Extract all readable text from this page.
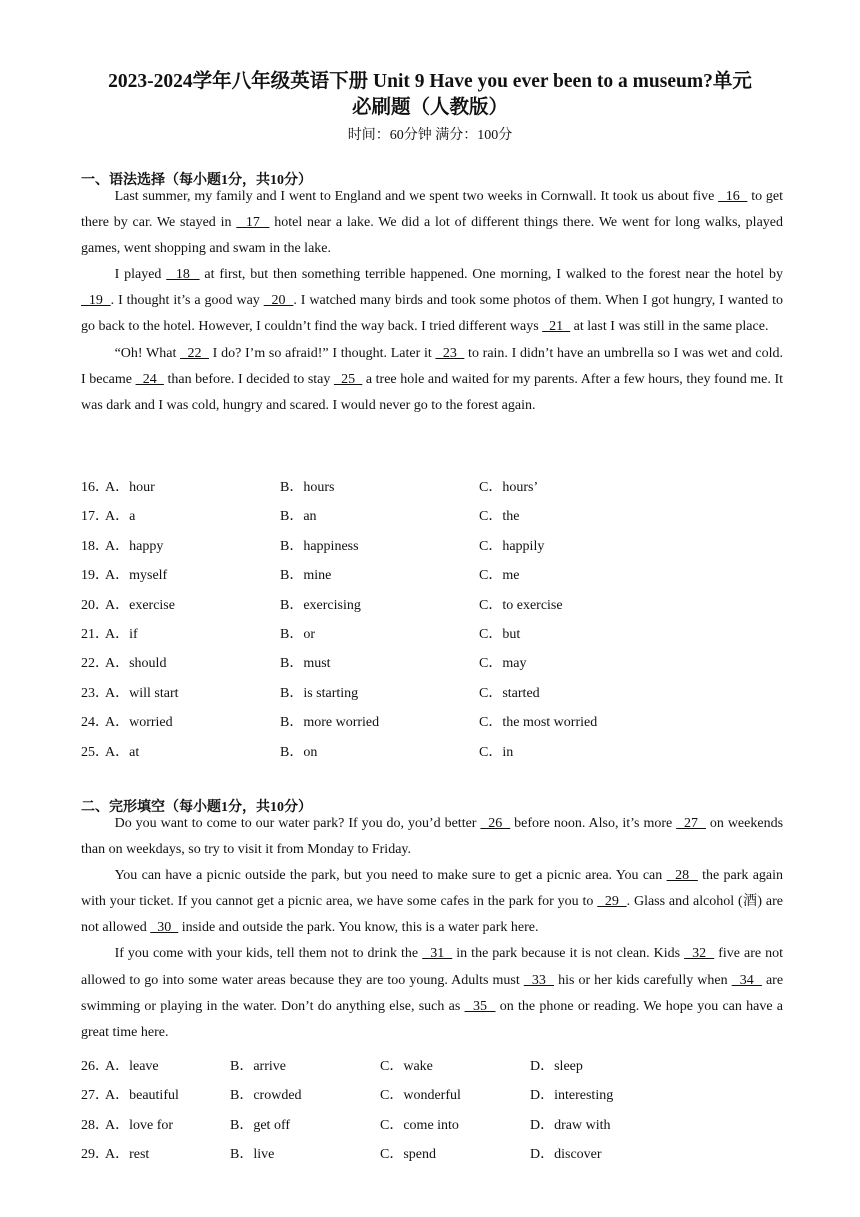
2023-2024学年八年级英语下册 Unit 9 Have you ever been to a museum?单元
必刷题（人教版）
时间：60分钟 满分：100分
一、语法选择（每小题1分，共10分）

Last summer, my family and I went to England and we spent two weeks in Cornwall. It took us about five   16   to get there by car. We stayed in   17   hotel near a lake. We did a lot of different things there. We went for long walks, played games, went shopping and swam in the lake.

I played   18   at first, but then something terrible happened. One morning, I walked to the forest near the hotel by   19  . I thought it’s a good way   20  . I watched many birds and took some photos of them. When I got hungry, I wanted to go back to the hotel. However, I couldn’t find the way back. I tried different ways   21   at last I was still in the same place.

“Oh! What   22   I do? I’m so afraid!” I thought. Later it   23   to rain. I didn’t have an umbrella so I was wet and cold. I became   24   than before. I decided to stay   25   a tree hole and waited for my parents. After a few hours, they found me. It was dark and I was cold, hungry and scared. I would never go to the forest again.

16．
A．hour	B．hours	C．hours’
17．
A．a	B．an	C．the
18．
A．happy	B．happiness	C．happily
19．
A．myself	B．mine	C．me
20．
A．exercise	B．exercising	C．to exercise
21．
A．if	B．or	C．but
22．
A．should	B．must	C．may
23．
A．will start	B．is starting	C．started
24．
A．worried	B．more worried	C．the most worried
25．
A．at	B．on	C．in
二、完形填空（每小题1分，共10分）

Do you want to come to our water park? If you do, you’d better   26   before noon. Also, it’s more   27   on weekends than on weekdays, so try to visit it from Monday to Friday.

You can have a picnic outside the park, but you need to make sure to get a picnic area. You can   28   the park again with your ticket. If you cannot get a picnic area, we have some cafes in the park for you to   29  . Glass and alcohol (酒) are not allowed   30   inside and outside the park. You know, this is a water park here.

If you come with your kids, tell them not to drink the   31   in the park because it is not clean. Kids   32   five are not allowed to go into some water areas because they are too young. Adults must   33   his or her kids carefully when   34   are swimming or playing in the water. Don’t do anything else, such as   35   on the phone or reading. We hope you can have a great time here.

26．
A．leave	B．arrive	C．wake	D．sleep
27．
A．beautiful	B．crowded	C．wonderful	D．interesting
28．
A．love for	B．get off	C．come into	D．draw with
29．
A．rest	B．live	C．spend	D．discover
